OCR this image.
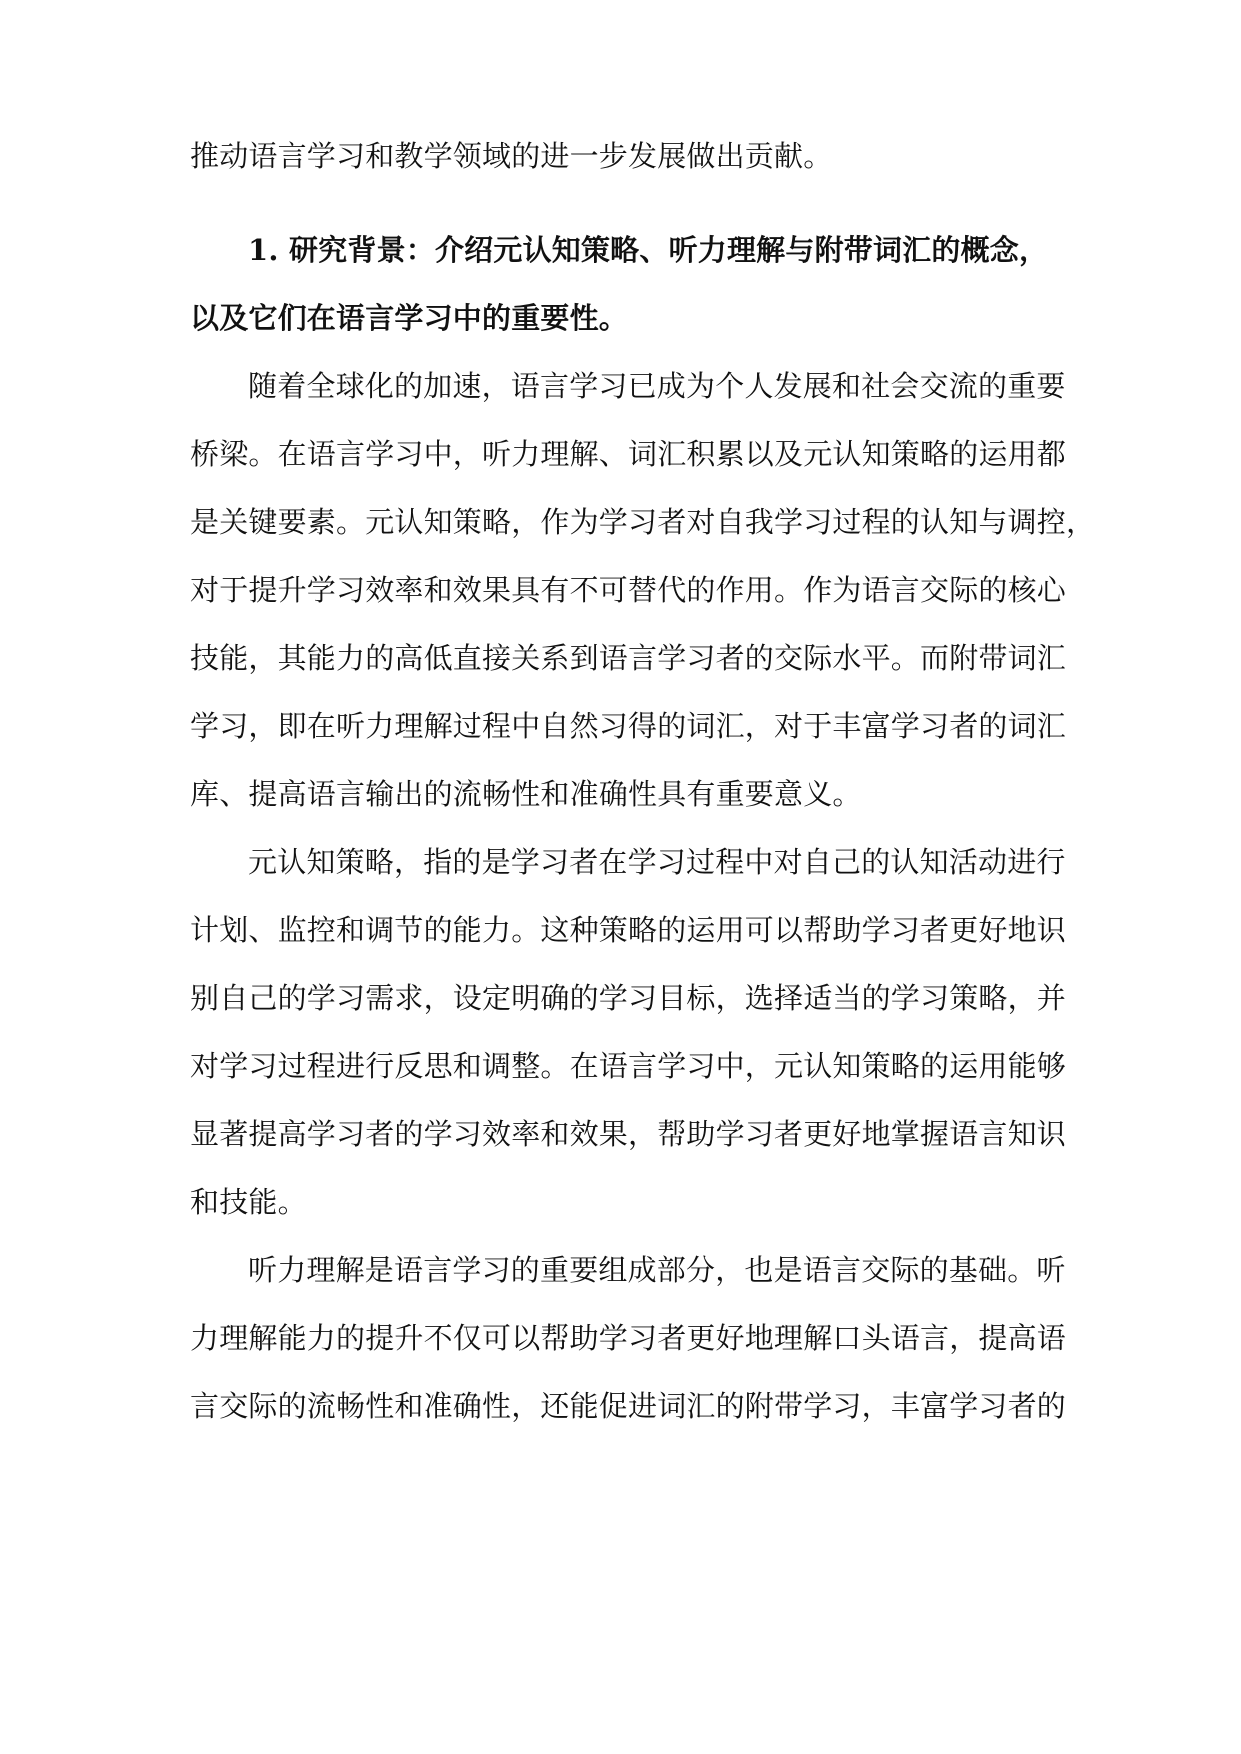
推动语言学习和教学领域的进一步发展做出贡献。
1. 研究背景：介绍元认知策略、听力理解与附带词汇的概念，
以及它们在语言学习中的重要性。
随着全球化的加速，语言学习已成为个人发展和社会交流的重要
桥梁。在语言学习中，听力理解、词汇积累以及元认知策略的运用都
是关键要素。元认知策略，作为学习者对自我学习过程的认知与调控，
对于提升学习效率和效果具有不可替代的作用。作为语言交际的核心
技能，其能力的高低直接关系到语言学习者的交际水平。而附带词汇
学习，即在听力理解过程中自然习得的词汇，对于丰富学习者的词汇
库、提高语言输出的流畅性和准确性具有重要意义。
元认知策略，指的是学习者在学习过程中对自己的认知活动进行
计划、监控和调节的能力。这种策略的运用可以帮助学习者更好地识
别自己的学习需求，设定明确的学习目标，选择适当的学习策略，并
对学习过程进行反思和调整。在语言学习中，元认知策略的运用能够
显著提高学习者的学习效率和效果，帮助学习者更好地掌握语言知识
和技能。
听力理解是语言学习的重要组成部分，也是语言交际的基础。听
力理解能力的提升不仅可以帮助学习者更好地理解口头语言，提高语
言交际的流畅性和准确性，还能促进词汇的附带学习，丰富学习者的
